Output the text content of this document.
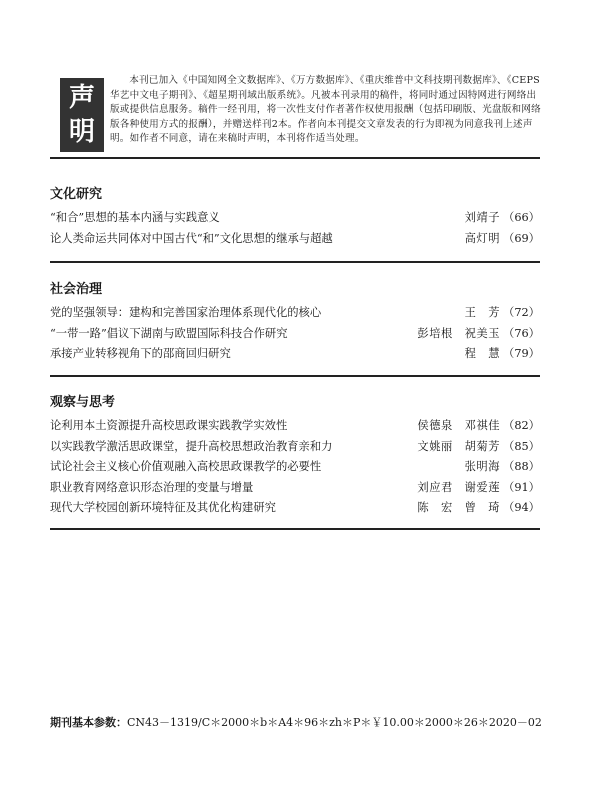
声
明
本刊已加入《中国知网全文数据库》、《万方数据库》、《重庆维普中文科技期刊数据库》、《CEPS华艺中文电子期刊》、《超星期刊域出版系统》。凡被本刊录用的稿件，将同时通过因特网进行网络出版或提供信息服务。稿件一经刊用，将一次性支付作者著作权使用报酬（包括印刷版、光盘版和网络版各种使用方式的报酬），并赠送样刊2本。作者向本刊提交文章发表的行为即视为同意我刊上述声明。如作者不同意，请在来稿时声明，本刊将作适当处理。
文化研究
“和合”思想的基本内涵与实践意义	刘靖子 （66）
论人类命运共同体对中国古代“和”文化思想的继承与超越	高灯明 （69）
社会治理
党的坚强领导：建构和完善国家治理体系现代化的核心	王　芳 （72）
“一带一路”倡议下湖南与欧盟国际科技合作研究	彭培根　祝美玉 （76）
承接产业转移视角下的邵商回归研究	程　慧 （79）
观察与思考
论利用本土资源提升高校思政课实践教学实效性	侯德泉　邓祺佳 （82）
以实践教学激活思政课堂，提升高校思想政治教育亲和力	文姚丽　胡菊芳 （85）
试论社会主义核心价值观融入高校思政课教学的必要性	张明海 （88）
职业教育网络意识形态治理的变量与增量	刘应君　谢爱莲 （91）
现代大学校园创新环境特征及其优化构建研究	陈　宏　曾　琦 （94）
期刊基本参数：CN43－1319/C＊2000＊b＊A4＊96＊zh＊P＊￥10.00＊2000＊26＊2020－02
